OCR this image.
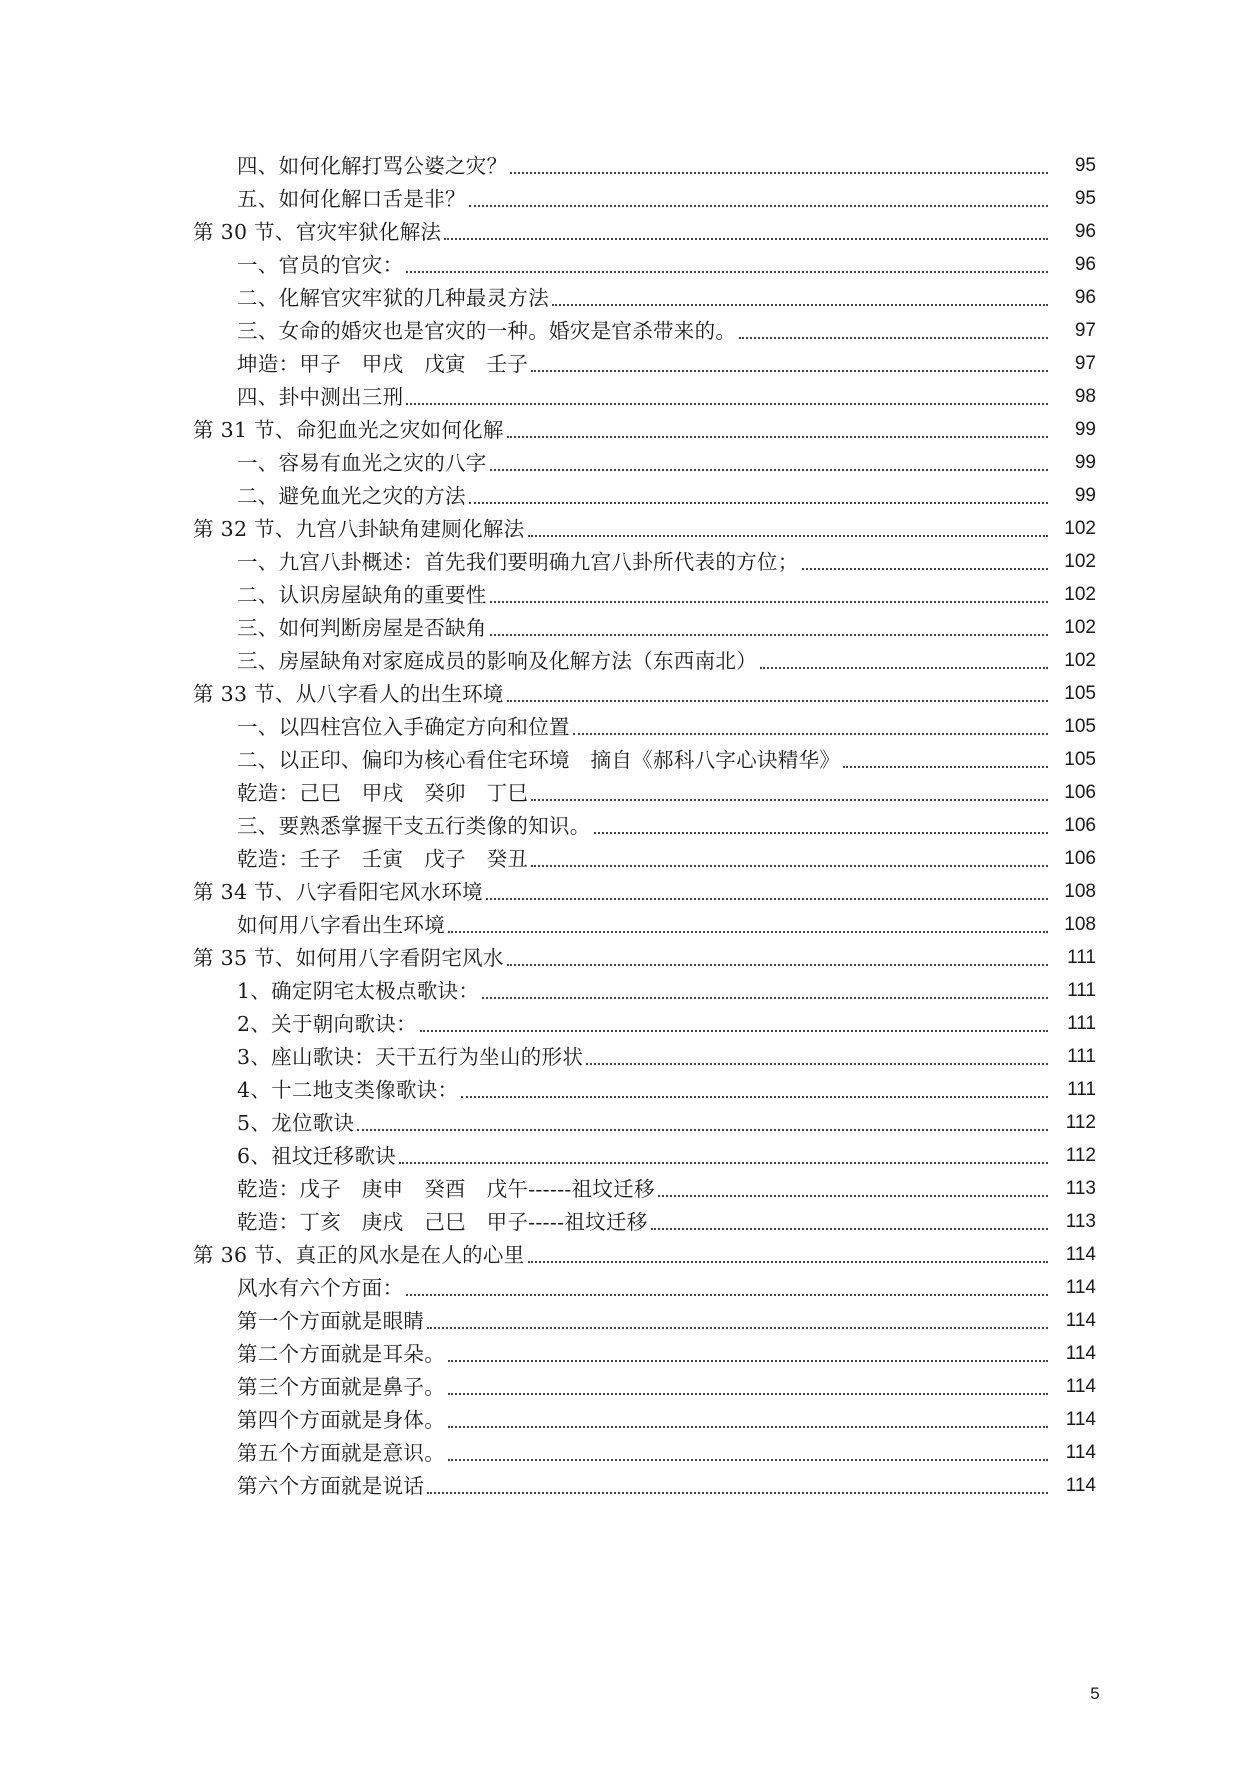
四、如何化解打骂公婆之灾？	95
五、如何化解口舌是非？	95
第 30 节、官灾牢狱化解法	96
一、官员的官灾：	96
二、化解官灾牢狱的几种最灵方法	96
三、女命的婚灾也是官灾的一种。婚灾是官杀带来的。	97
坤造：甲子　甲戌　戊寅　壬子	97
四、卦中测出三刑	98
第 31 节、命犯血光之灾如何化解	99
一、容易有血光之灾的八字	99
二、避免血光之灾的方法	99
第 32 节、九宫八卦缺角建厕化解法	102
一、九宫八卦概述：首先我们要明确九宫八卦所代表的方位；	102
二、认识房屋缺角的重要性	102
三、如何判断房屋是否缺角	102
三、房屋缺角对家庭成员的影响及化解方法（东西南北）	102
第 33 节、从八字看人的出生环境	105
一、以四柱宫位入手确定方向和位置	105
二、以正印、偏印为核心看住宅环境　摘自《郝科八字心诀精华》	105
乾造：己巳　甲戌　癸卯　丁巳	106
三、要熟悉掌握干支五行类像的知识。	106
乾造：壬子　壬寅　戊子　癸丑	106
第 34 节、八字看阳宅风水环境	108
如何用八字看出生环境	108
第 35 节、如何用八字看阴宅风水	111
1、确定阴宅太极点歌诀：	111
2、关于朝向歌诀：	111
3、座山歌诀：天干五行为坐山的形状	111
4、十二地支类像歌诀：	111
5、龙位歌诀	112
6、祖坟迁移歌诀	112
乾造：戊子　庚申　癸酉　戊午------祖坟迁移	113
乾造：丁亥　庚戌　己巳　甲子-----祖坟迁移	113
第 36 节、真正的风水是在人的心里	114
风水有六个方面：	114
第一个方面就是眼睛	114
第二个方面就是耳朵。	114
第三个方面就是鼻子。	114
第四个方面就是身体。	114
第五个方面就是意识。	114
第六个方面就是说话	114
5
